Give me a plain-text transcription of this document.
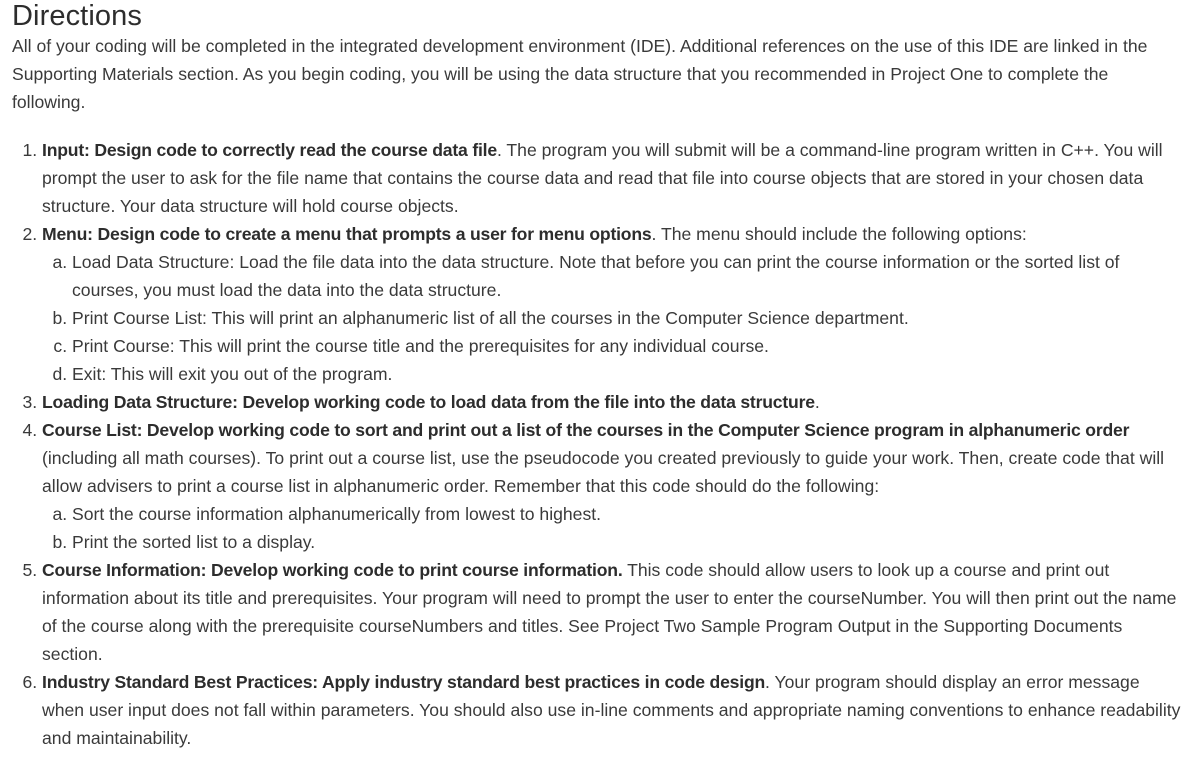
Directions

All of your coding will be completed in the integrated development environment (IDE). Additional references on the use of this IDE are linked in the Supporting Materials section. As you begin coding, you will be using the data structure that you recommended in Project One to complete the following.

1. Input: Design code to correctly read the course data file. The program you will submit will be a command-line program written in C++. You will prompt the user to ask for the file name that contains the course data and read that file into course objects that are stored in your chosen data structure. Your data structure will hold course objects.
2. Menu: Design code to create a menu that prompts a user for menu options. The menu should include the following options:
a. Load Data Structure: Load the file data into the data structure. Note that before you can print the course information or the sorted list of courses, you must load the data into the data structure.
b. Print Course List: This will print an alphanumeric list of all the courses in the Computer Science department.
c. Print Course: This will print the course title and the prerequisites for any individual course.
d. Exit: This will exit you out of the program.
3. Loading Data Structure: Develop working code to load data from the file into the data structure.
4. Course List: Develop working code to sort and print out a list of the courses in the Computer Science program in alphanumeric order (including all math courses). To print out a course list, use the pseudocode you created previously to guide your work. Then, create code that will allow advisers to print a course list in alphanumeric order. Remember that this code should do the following:
a. Sort the course information alphanumerically from lowest to highest.
b. Print the sorted list to a display.
5. Course Information: Develop working code to print course information. This code should allow users to look up a course and print out information about its title and prerequisites. Your program will need to prompt the user to enter the courseNumber. You will then print out the name of the course along with the prerequisite courseNumbers and titles. See Project Two Sample Program Output in the Supporting Documents section.
6. Industry Standard Best Practices: Apply industry standard best practices in code design. Your program should display an error message when user input does not fall within parameters. You should also use in-line comments and appropriate naming conventions to enhance readability and maintainability.
